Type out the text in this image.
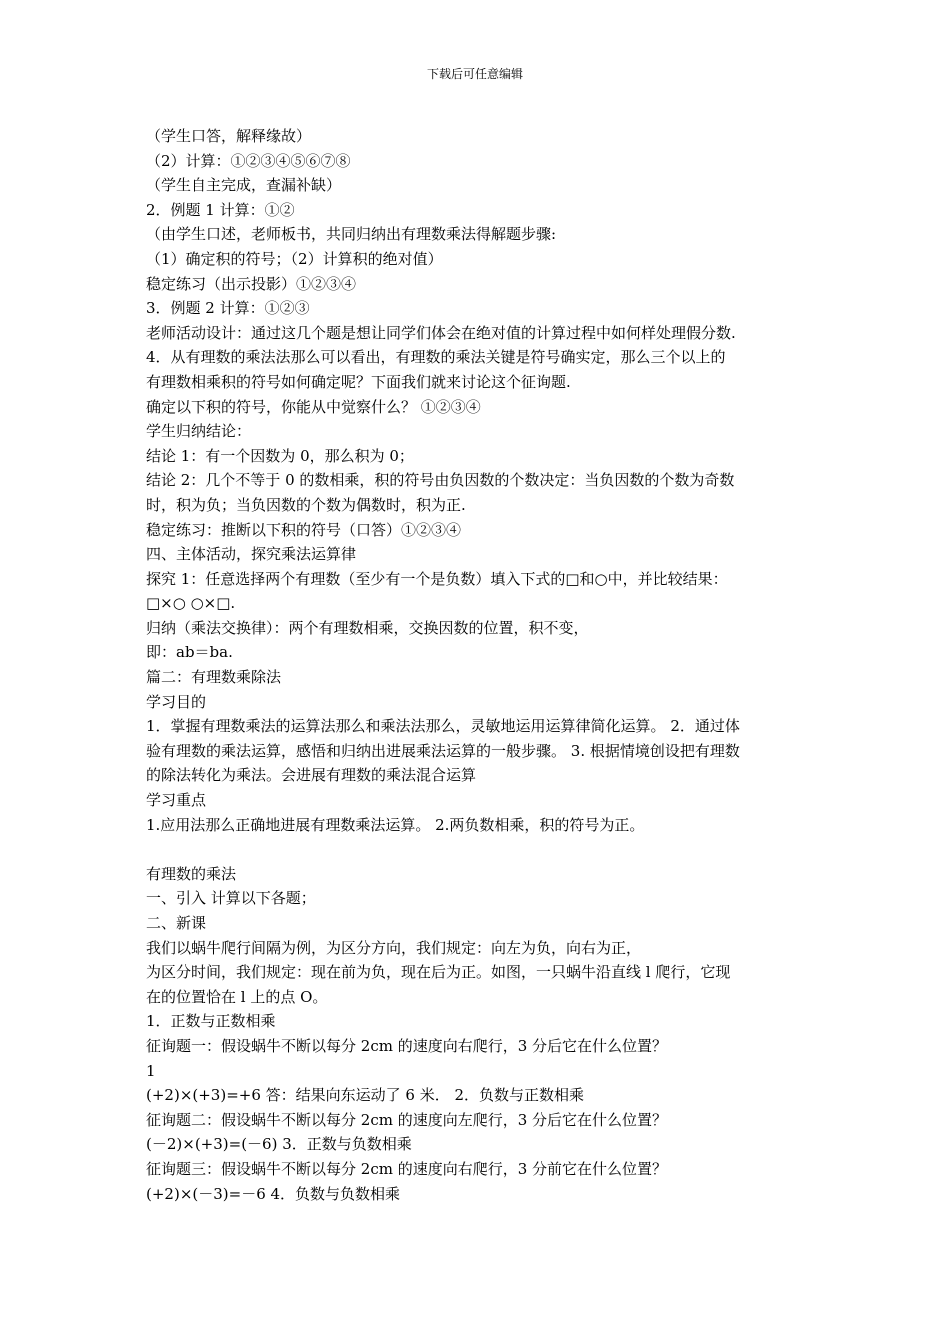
下载后可任意编辑
（学生口答，解释缘故）
（2）计算：①②③④⑤⑥⑦⑧
（学生自主完成，查漏补缺）
2．例题 1 计算：①②
（由学生口述，老师板书，共同归纳出有理数乘法得解题步骤:
（1）确定积的符号；（2）计算积的绝对值）
稳定练习（出示投影）①②③④
3．例题 2 计算：①②③
老师活动设计：通过这几个题是想让同学们体会在绝对值的计算过程中如何样处理假分数.
4．从有理数的乘法法那么可以看出，有理数的乘法关键是符号确实定，那么三个以上的
有理数相乘积的符号如何确定呢？下面我们就来讨论这个征询题.
确定以下积的符号，你能从中觉察什么？ ①②③④
学生归纳结论：
结论 1：有一个因数为 0，那么积为 0；
结论 2：几个不等于 0 的数相乘，积的符号由负因数的个数决定：当负因数的个数为奇数
时，积为负；当负因数的个数为偶数时，积为正.
稳定练习：推断以下积的符号（口答）①②③④
四、主体活动，探究乘法运算律
探究 1：任意选择两个有理数（至少有一个是负数）填入下式的□和○中，并比较结果：
□×○ ○×□.
归纳（乘法交换律）：两个有理数相乘，交换因数的位置，积不变，
即：ab＝ba.
篇二：有理数乘除法
学习目的
1．掌握有理数乘法的运算法那么和乘法法那么，灵敏地运用运算律简化运算。 2．通过体
验有理数的乘法运算，感悟和归纳出进展乘法运算的一般步骤。 3. 根据情境创设把有理数
的除法转化为乘法。会进展有理数的乘法混合运算
学习重点
1.应用法那么正确地进展有理数乘法运算。 2.两负数相乘，积的符号为正。
有理数的乘法
一、引入 计算以下各题；
二、新课
我们以蜗牛爬行间隔为例，为区分方向，我们规定：向左为负，向右为正，
为区分时间，我们规定：现在前为负，现在后为正。如图，一只蜗牛沿直线 l 爬行，它现
在的位置恰在 l 上的点 O。
1．正数与正数相乘
征询题一：假设蜗牛不断以每分 2cm 的速度向右爬行，3 分后它在什么位置？
1
(+2)×(+3)=+6 答：结果向东运动了 6 米． 2．负数与正数相乘
征询题二：假设蜗牛不断以每分 2cm 的速度向左爬行，3 分后它在什么位置？
(－2)×(+3)=(－6) 3．正数与负数相乘
征询题三：假设蜗牛不断以每分 2cm 的速度向右爬行，3 分前它在什么位置？
(+2)×(－3)=－6 4．负数与负数相乘
